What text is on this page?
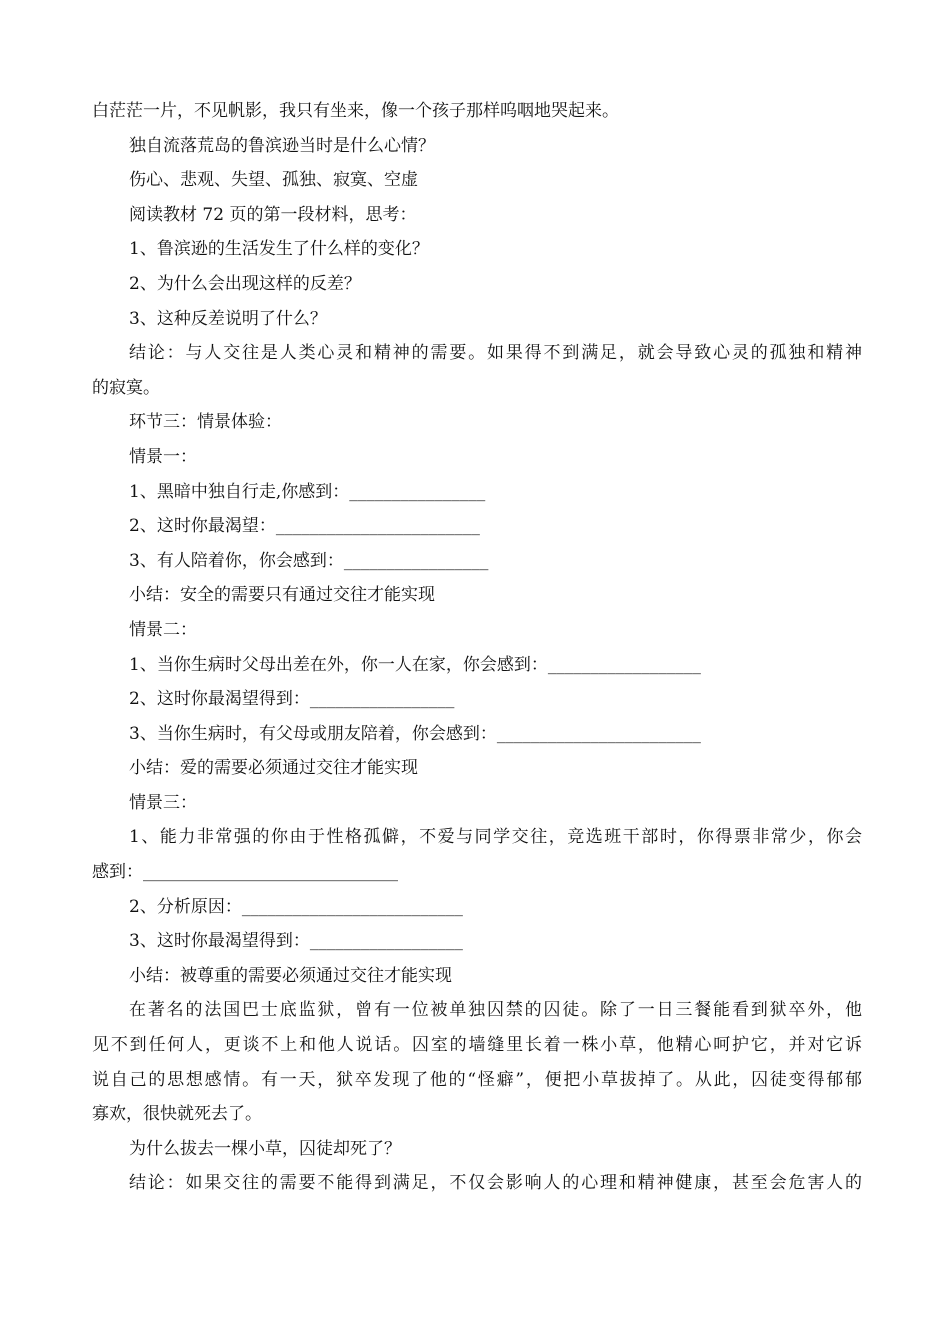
白茫茫一片，不见帆影，我只有坐来，像一个孩子那样呜咽地哭起来。

独自流落荒岛的鲁滨逊当时是什么心情？

伤心、悲观、失望、孤独、寂寞、空虚

阅读教材 72 页的第一段材料，思考：

1、鲁滨逊的生活发生了什么样的变化？

2、为什么会出现这样的反差？

3、这种反差说明了什么？

结论：与人交往是人类心灵和精神的需要。如果得不到满足，就会导致心灵的孤独和精神

的寂寞。

环节三：情景体验：

情景一：

1、黑暗中独自行走,你感到：________________

2、这时你最渴望：________________________

3、有人陪着你，你会感到：_________________

小结：安全的需要只有通过交往才能实现

情景二：

1、当你生病时父母出差在外，你一人在家，你会感到：__________________

2、这时你最渴望得到：_________________

3、当你生病时，有父母或朋友陪着，你会感到：________________________

小结：爱的需要必须通过交往才能实现

情景三：

1、能力非常强的你由于性格孤僻，不爱与同学交往，竞选班干部时，你得票非常少，你会

感到：______________________________

2、分析原因：__________________________

3、这时你最渴望得到：__________________

小结：被尊重的需要必须通过交往才能实现

在著名的法国巴士底监狱，曾有一位被单独囚禁的囚徒。除了一日三餐能看到狱卒外，他

见不到任何人，更谈不上和他人说话。囚室的墙缝里长着一株小草，他精心呵护它，并对它诉

说自己的思想感情。有一天，狱卒发现了他的“怪癖”，便把小草拔掉了。从此，囚徒变得郁郁

寡欢，很快就死去了。

为什么拔去一棵小草，囚徒却死了？

结论：如果交往的需要不能得到满足，不仅会影响人的心理和精神健康，甚至会危害人的
